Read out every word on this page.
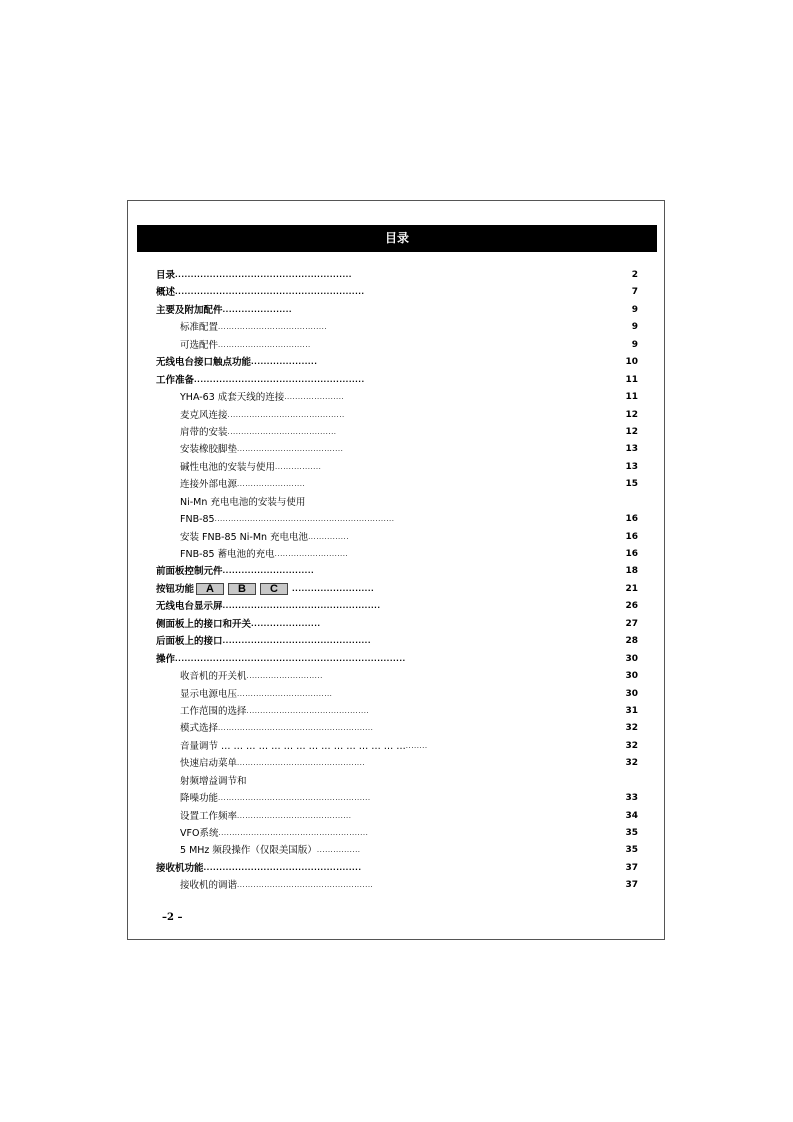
目录
目录........................................................	2
概述............................................................	7
主要及附加配件......................	9
标准配置........................................	9
可选配件..................................	9
无线电台接口触点功能.....................	10
工作准备......................................................	11
YHA-63 成套天线的连接......................	11
麦克风连接...........................................	12
肩带的安装........................................	12
安装橡胶脚垫.......................................	13
碱性电池的安装与使用.................	13
连接外部电源.........................	15
Ni-Mn 充电电池的安装与使用
FNB-85..................................................................	16
安装 FNB-85 Ni-Mn 充电电池...............	16
FNB-85 蓄电池的充电...........................	16
前面板控制元件.............................	18
按钮功能 A B C..........................	21
无线电台显示屏..................................................	26
侧面板上的接口和开关......................	27
后面板上的接口...............................................	28
操作.........................................................................	30
收音机的开关机............................	30
显示电源电压...................................	30
工作范围的选择.............................................	31
模式选择.........................................................	32
音量调节 … … … … … … … … … … … … … … …........	32
快速启动菜单...............................................	32
射频增益调节和
降噪功能........................................................	33
设置工作频率..........................................	34
VFO系统.......................................................	35
5 MHz 频段操作（仅限美国版）................	35
接收机功能..................................................	37
接收机的调谐..................................................	37
–2 –
